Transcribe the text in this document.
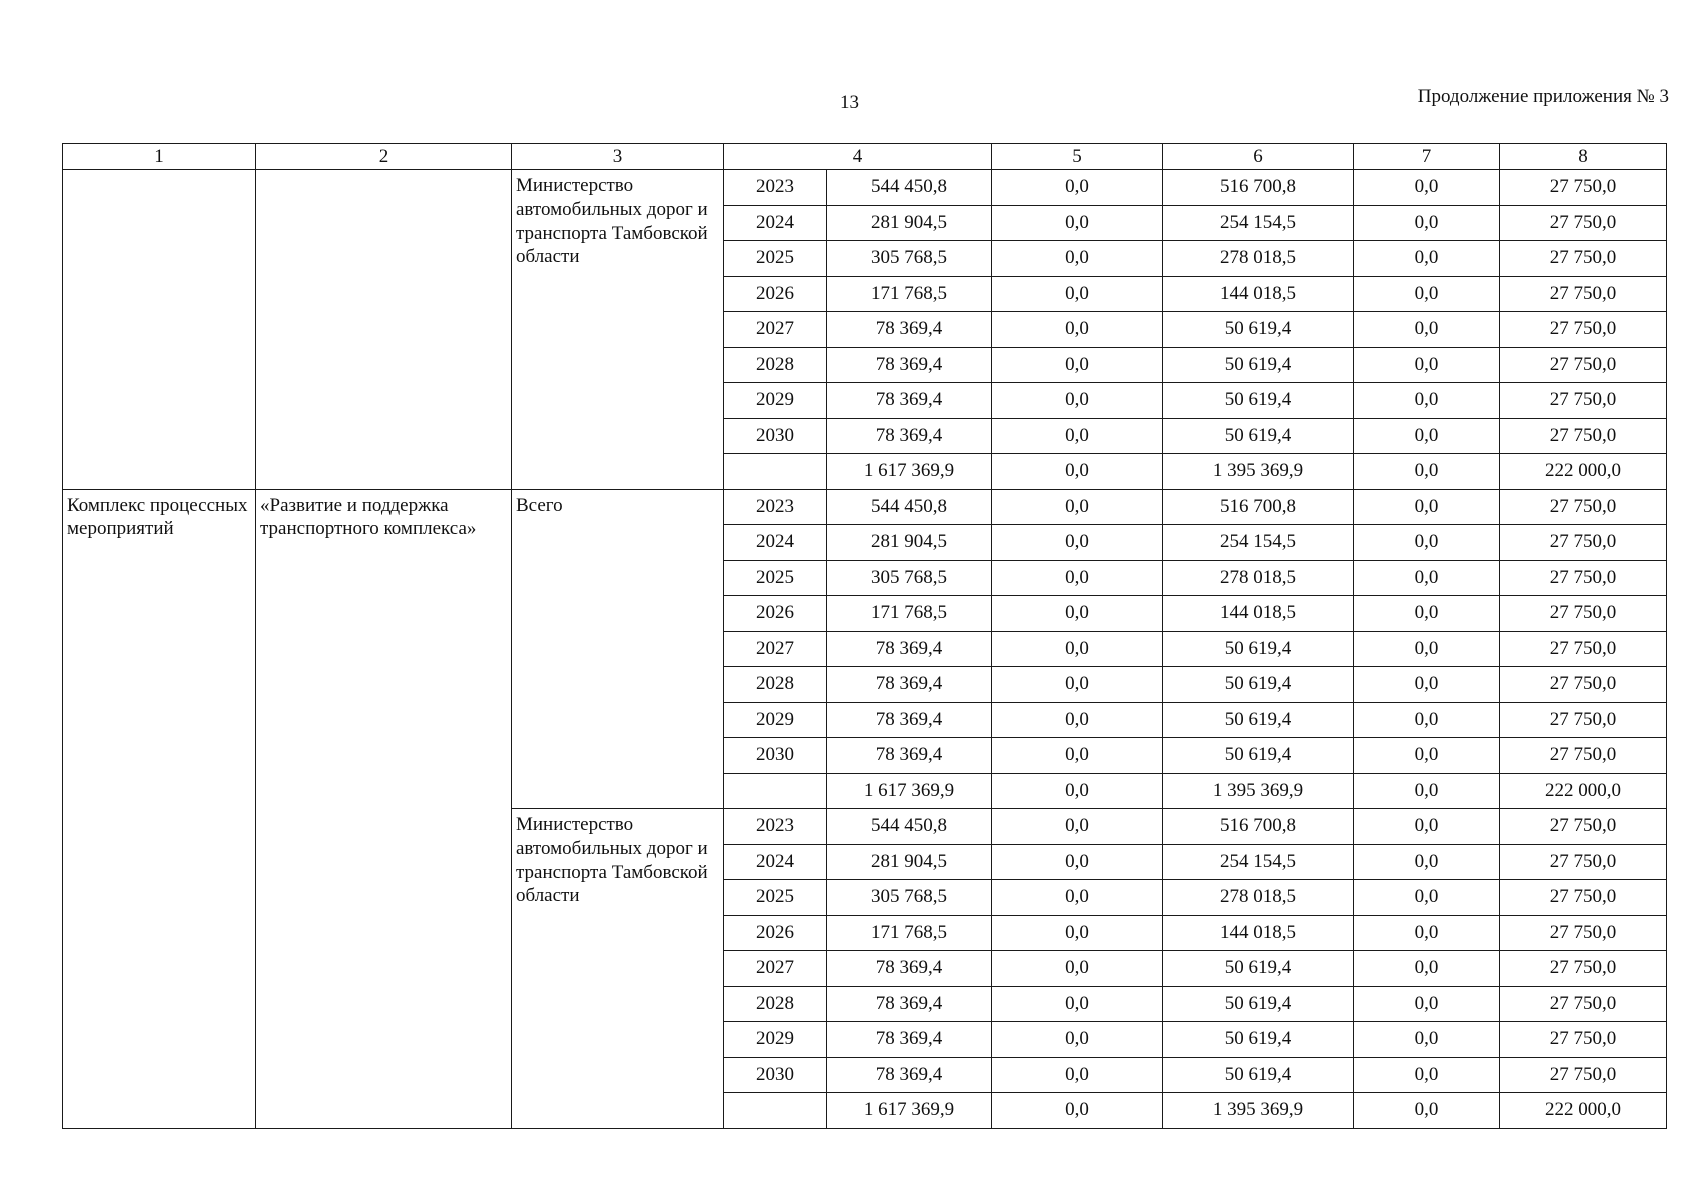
13	Продолжение приложения № 3
1	2	3	4		5	6	7	8
		Министерство автомобильных дорог и транспорта Тамбовской области	2023	544 450,8	0,0	516 700,8	0,0	27 750,0
			2024	281 904,5	0,0	254 154,5	0,0	27 750,0
			2025	305 768,5	0,0	278 018,5	0,0	27 750,0
			2026	171 768,5	0,0	144 018,5	0,0	27 750,0
			2027	78 369,4	0,0	50 619,4	0,0	27 750,0
			2028	78 369,4	0,0	50 619,4	0,0	27 750,0
			2029	78 369,4	0,0	50 619,4	0,0	27 750,0
			2030	78 369,4	0,0	50 619,4	0,0	27 750,0
				1 617 369,9	0,0	1 395 369,9	0,0	222 000,0
Комплекс процессных мероприятий	«Развитие и поддержка транспортного комплекса»	Всего	2023	544 450,8	0,0	516 700,8	0,0	27 750,0
			2024	281 904,5	0,0	254 154,5	0,0	27 750,0
			2025	305 768,5	0,0	278 018,5	0,0	27 750,0
			2026	171 768,5	0,0	144 018,5	0,0	27 750,0
			2027	78 369,4	0,0	50 619,4	0,0	27 750,0
			2028	78 369,4	0,0	50 619,4	0,0	27 750,0
			2029	78 369,4	0,0	50 619,4	0,0	27 750,0
			2030	78 369,4	0,0	50 619,4	0,0	27 750,0
				1 617 369,9	0,0	1 395 369,9	0,0	222 000,0
		Министерство автомобильных дорог и транспорта Тамбовской области	2023	544 450,8	0,0	516 700,8	0,0	27 750,0
			2024	281 904,5	0,0	254 154,5	0,0	27 750,0
			2025	305 768,5	0,0	278 018,5	0,0	27 750,0
			2026	171 768,5	0,0	144 018,5	0,0	27 750,0
			2027	78 369,4	0,0	50 619,4	0,0	27 750,0
			2028	78 369,4	0,0	50 619,4	0,0	27 750,0
			2029	78 369,4	0,0	50 619,4	0,0	27 750,0
			2030	78 369,4	0,0	50 619,4	0,0	27 750,0
				1 617 369,9	0,0	1 395 369,9	0,0	222 000,0
